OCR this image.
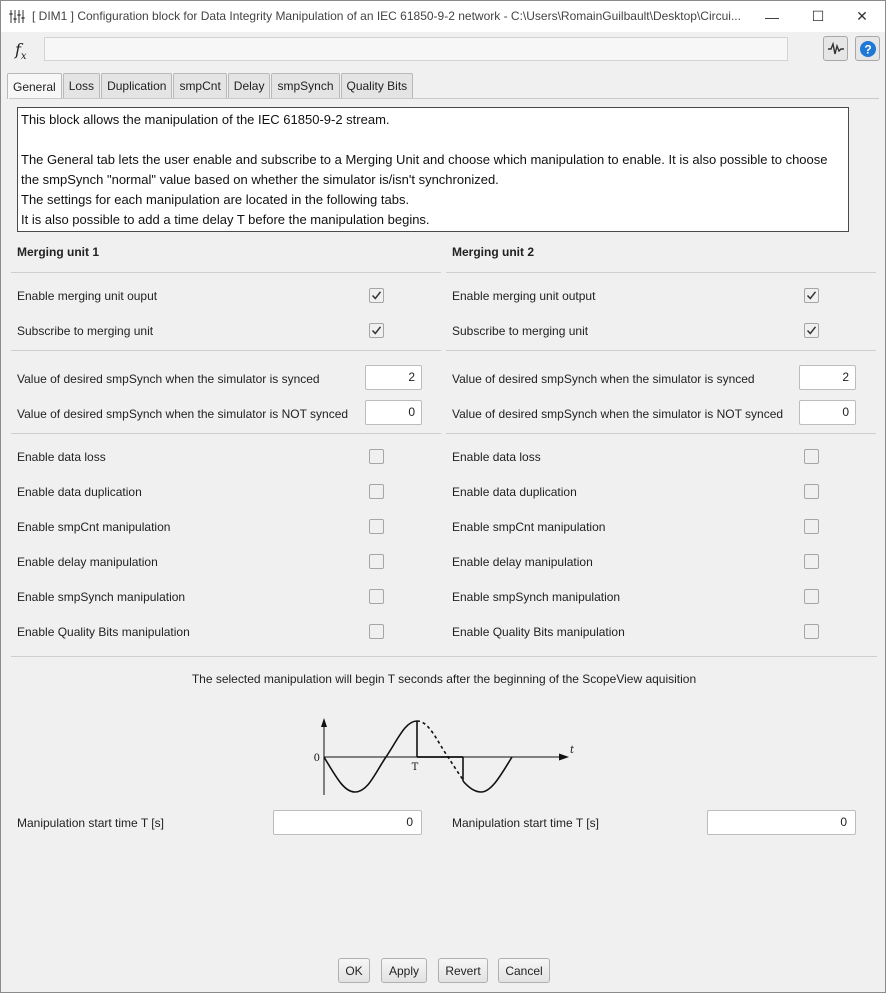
[ DIM1 ] Configuration block for Data Integrity Manipulation of an IEC 61850-9-2 network - C:\Users\RomainGuilbault\Desktop\Circui...	— ☐ ✕
$f_x$
?
General	Loss	Duplication	smpCnt	Delay	smpSynch	Quality Bits

This block allows the manipulation of the IEC 61850-9-2 stream.

The General tab lets the user enable and subscribe to a Merging Unit and choose which manipulation to enable. It is also possible to choose the smpSynch "normal" value based on whether the simulator is/isn't synchronized.

The settings for each manipulation are located in the following tabs.

It is also possible to add a time delay T before the manipulation begins.

Merging unit 1
Enable merging unit ouput
Subscribe to merging unit
Value of desired smpSynch when the simulator is synced	2
Value of desired smpSynch when the simulator is NOT synced	0
Enable data loss
Enable data duplication
Enable smpCnt manipulation
Enable delay manipulation
Enable smpSynch manipulation
Enable Quality Bits manipulation
Merging unit 2
Enable merging unit output
Subscribe to merging unit
Value of desired smpSynch when the simulator is synced	2
Value of desired smpSynch when the simulator is NOT synced	0
Enable data loss
Enable data duplication
Enable smpCnt manipulation
Enable delay manipulation
Enable smpSynch manipulation
Enable Quality Bits manipulation
The selected manipulation will begin T seconds after the beginning of the ScopeView aquisition
0
T
t
Manipulation start time T [s]	0	Manipulation start time T [s]	0
OK	Apply	Revert	Cancel
